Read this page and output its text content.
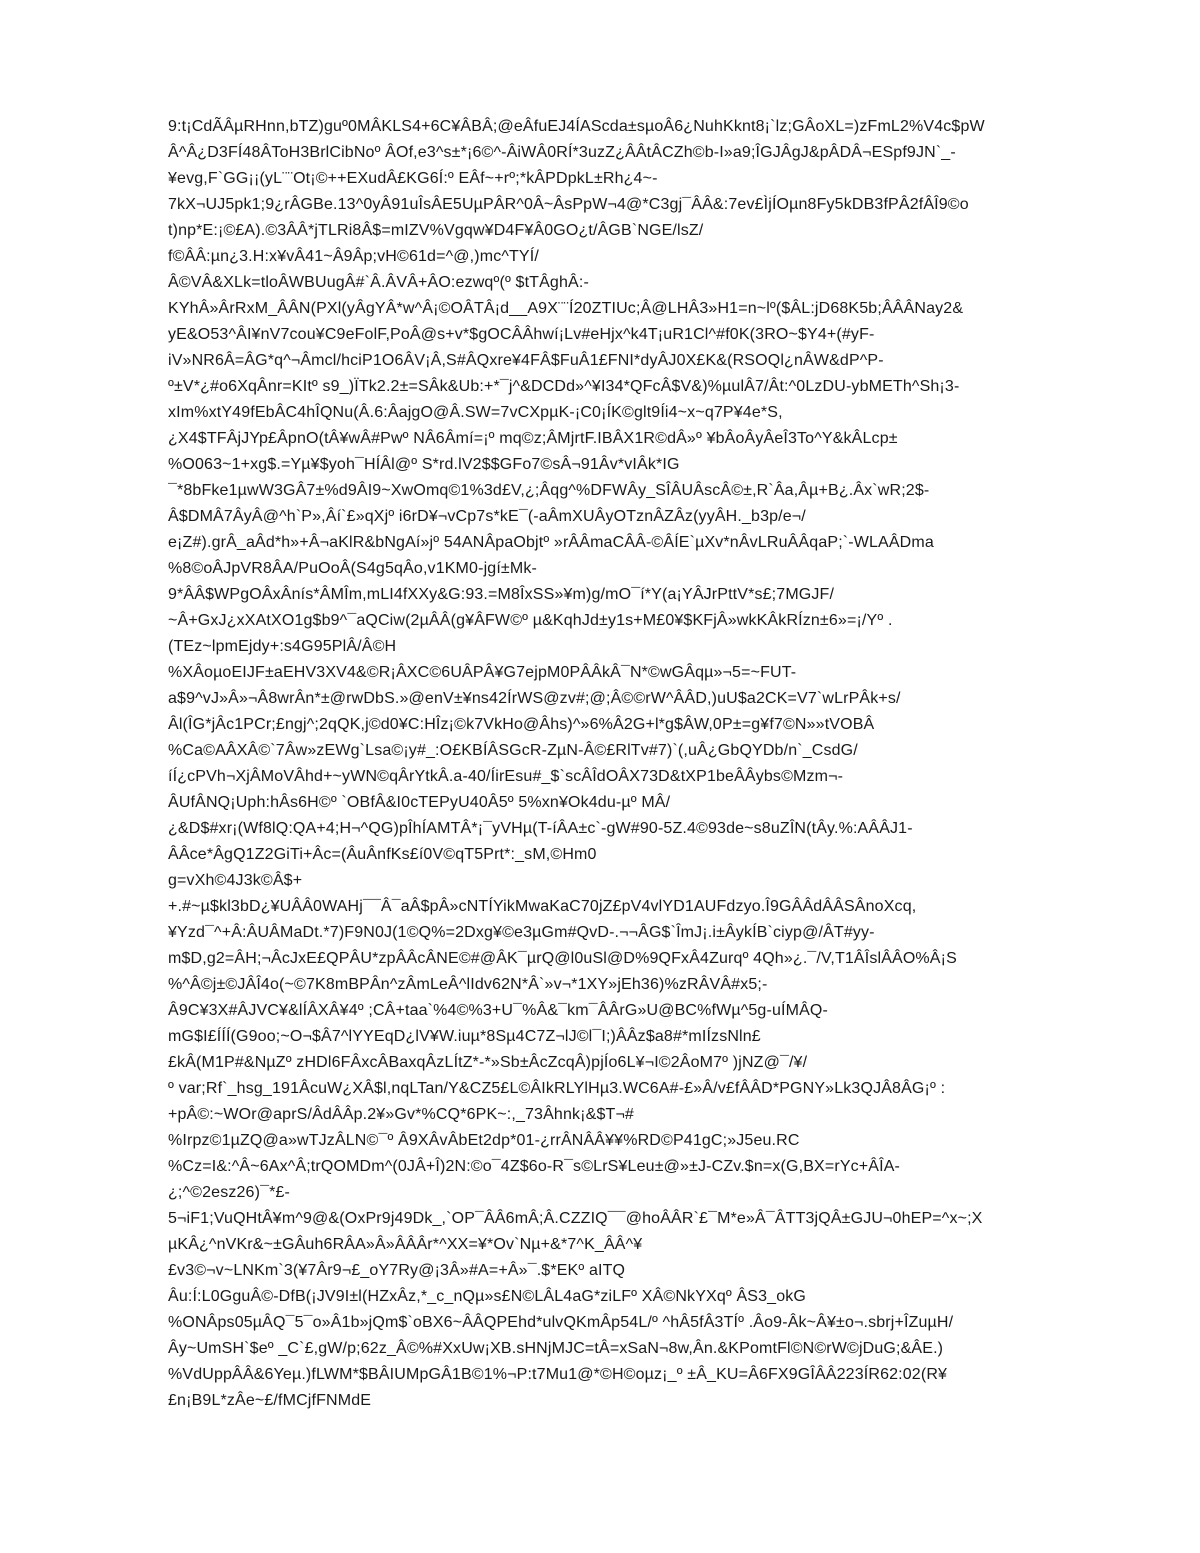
9:t¡CdÃÂµRHnn,bTZ)guº0MÂKLS4+6C¥ÂBÂ;@eÂfuEJ4ÍAScda±sµoÂ6¿NuhKknt8¡`lz;GÂoXL=)zFmL2%V4c$pW
Â^Â¿D3FÍ48ÂToH3BrlCibNoº ÂOf,e3^s±*¡6©^-ÂiWÂ0RÍ*3uzZ¿ÂÂtÂCZh©b-I»a9;ÎGJÂgJ&pÂDÂ¬ESpf9JN`_-
¥evg,F`GG¡¡(yL¨¨Ot¡©++EXudÂ£KG6Í:º EÂf~+rº;*kÂPDpkL±Rh¿4~-
7kX¬UJ5pk1;9¿rÂGBe.13^0yÂ91uÎsÂE5UµPÂR^0Â~ÂsPpW¬4@*C3gj¯ÂÂ&:7ev£ÌjÍOµn8Fy5kDB3fPÂ2fÂÎ9©o
t)np*E:¡©£A).©3ÂÂ*jTLRi8Â$=mIZV%Vgqw¥D4F¥Â0GO¿t/ÂGB`NGE/lsZ/
f©ÂÂ:µn¿3.H:x¥vÂ41~Â9Âp;vH©61d=^@,)mc^TYÍ/
Â©VÂ&XLk=tloÂWBUugÂ#`Â.ÂVÂ+ÂO:ezwqº(º $tTÂghÂ:-
KYhÂ»ÂrRxM_ÂÂN(PXl(yÂgYÂ*w^Â¡©OÂTÂ¡d__A9X¨¨Í20ZTIUc;Â@LHÂ3»H1=n~lº($ÂL:jD68K5b;ÂÂÂNay2&
yE&O53^ÂI¥nV7cou¥C9eFolF,PoÂ@s+v*$gOCÂÂhwí¡Lv#eHjx^k4T¡uR1Cl^#f0K(3RO~$Y4+(#yF-
iV»NR6Â=ÂG*q^¬Âmcl/hciP1O6ÂV¡Â,S#ÂQxre¥4FÂ$FuÂ1£FNI*dyÂJ0X£K&(RSOQl¿nÂW&dP^P-
º±V*¿#o6XqÂnr=KItº s9_)ÏTk2.2±=SÂk&Ub:+*¯j^&DCDd»^¥I34*QFcÂ$V&)%µulÂ7/Ât:^0LzDU-ybMETh^Sh¡3-
xIm%xtY49fEbÂC4hÎQNu(Â.6:ÂajgO@Â.SW=7vCXpµK-¡C0¡ÍK©glt9Íi4~x~q7P¥4e*S,
¿X4$TFÂjJYp£ÂpnO(tÂ¥wÂ#Pwº NÂ6Âmí=¡º mq©z;ÂMjrtF.IBÂX1R©dÂ»º ¥bÂoÂyÂeÎ3To^Y&kÂLcp±
%O063~1+xg$.=Yµ¥$yoh¯HÍÂl@º S*rd.lV2$$GFo7©sÂ¬91Âv*vIÂk*IG
¯*8bFke1µwW3GÂ7±%d9ÂI9~XwOmq©1%3d£V,¿;Âqg^%DFWÂy_SÎÂUÂscÂ©±,R`Âa,Âµ+B¿.Âx`wR;2$-
Â$DMÂ7ÂyÂ@^h`P»,Âí`£»qXjº i6rD¥¬vCp7s*kE¯(-aÂmXUÂyOTznÂZÂz(yyÂH._b3p/e¬/
e¡Z#).grÂ_aÂd*h»+Â¬aKlR&bNgAí»jº 54ANÂpaObjtº »rÂÂmaCÂÂ-©ÂÍE`µXv*nÂvLRuÂÂqaP;`-WLAÂDma
%8©oÂJpVR8ÂA/PuOoÂ(S4g5qÂo,v1KM0-jgí±Mk-
9*ÂÂ$WPgOÂxÂnís*ÂMÎm,mLI4fXXy&G:93.=M8ÎxSS»¥m)g/mO¯í*Y(a¡YÂJrPttV*s£;7MGJF/
~Â+GxJ¿xXAtXO1g$b9^¯aQCiw(2µÂÂ(g¥ÂFW©º µ&KqhJd±y1s+M£0¥$KFjÂ»wkKÂkRÍzn±6»=¡/Yº .
(TEz~lpmEjdy+:s4G95PlÂ/Â©H
%XÂoµoEIJF±aEHV3XV4&©R¡ÂXC©6UÂPÂ¥G7ejpM0PÂÂkÂ¯N*©wGÂqµ»¬5=~FUT-
a$9^vJ»Â»¬Â8wrÂn*±@rwDbS.»@enV±¥ns42ÍrWS@zv#;@;Â©©rW^ÂÂD,)uU$a2CK=V7`wLrPÂk+s/
Âl(ÎG*jÂc1PCr;£ngj^;2qQK,j©d0¥C:HÎz¡©k7VkHo@Âhs)^»6%Â2G+l*g$ÂW,0P±=g¥f7©N»»tVOBÂ
%Ca©AÂXÂ©`7Âw»zEWg`Lsa©¡y#_:O£KBÍÂSGcR-ZµN-Â©£RlTv#7)`(,uÂ¿GbQYDb/n`_CsdG/
íÍ¿cPVh¬XjÂMoVÂhd+~yWN©qÂrYtkÂ.a-40/ÍirEsu#_$`scÂÎdOÂX73D&tXP1beÂÂybs©Mzm¬-
ÂUfÂNQ¡Uph:hÂs6H©º `OBfÂ&I0cTEPyU40Â5º 5%xn¥Ok4du-µº MÂ/
¿&D$#xr¡(Wf8lQ:QA+4;H¬^QG)pÎhÍAMTÂ*¡¯yVHµ(T-íÂA±c`-gW#90-5Z.4©93de~s8uZÎN(tÂy.%:AÂÂJ1-
ÂÂce*ÂgQ1Z2GiTi+Âc=(ÂuÂnfKs£í0V©qT5Prt*:_sM,©Hm0
g=vXh©4J3k©Â$+
+.#~µ$kl3bD¿¥UÂÂ0WAHj¯¯Â¯aÂ$pÂ»cNTÍYikMwaKaC70jZ£pV4vlYD1AUFdzyo.Î9GÂÂdÂÂSÂnoXcq,
¥Yzd¯^+Â:ÂUÂMaDt.*7)F9N0J(1©Q%=2Dxg¥©e3µGm#QvD-.¬¬ÂG$`ÎmJ¡.i±ÂykÍB`ciyp@/ÂT#yy-
m$D,g2=ÂH;¬ÂcJxE£QPÂU*zpÂÂcÂNE©#@ÂK¯µrQ@l0uSl@D%9QFxÂ4Zurqº 4Qh»¿.¯/V,T1ÂÎslÂÂO%Â¡S
%^Â©j±©JÂÎ4o(~©7K8mBPÂn^zÂmLeÂ^lIdv62N*Â`»v¬*1XY»jEh36)%zRÂVÂ#x5;-
Â9C¥3X#ÂJVC¥&lÍÂXÂ¥4º ;CÂ+taa`%4©%3+U¯%Â&¯km¯ÂÂrG»U@BC%fWµ^5g-uÍMÂQ-
mG$I£ÍÍÍ(G9oo;~O¬$Â7^lYYEqD¿lV¥W.iuµ*8Sµ4C7Z¬lJ©l¯I;)ÂÂz$a8#*mIÍzsNln£
£kÂ(M1P#&NµZº zHDl6FÂxcÂBaxqÂzLÍtZ*-*»Sb±ÂcZcqÂ)pjÍo6L¥¬I©2ÂoM7º )jNZ@¯/¥/
º var;Rf`_hsg_191ÂcuW¿XÂ$l,nqLTan/Y&CZ5£L©ÂIkRLYlHµ3.WC6A#-£»Â/v£fÂÂD*PGNY»Lk3QJÂ8ÂG¡º :
+pÂ©:~WOr@aprS/ÂdÂÂp.2¥»Gv*%CQ*6PK~:,_73Âhnk¡&$T¬#
%Irpz©1µZQ@a»wTJzÂLN©¯º Â9XÂvÂbEt2dp*01-¿rrÂNÂÂ¥¥%RD©P41gC;»J5eu.RC
%Cz=I&:^Â~6Ax^Â;trQOMDm^(0JÂ+Î)2N:©o¯4Z$6o-R¯s©LrS¥Leu±@»±J-CZv.$n=x(G,BX=rYc+ÂÎA-
¿;^©2esz26)¯*£-
5¬iF1;VuQHtÂ¥m^9@&(OxPr9j49Dk_,`OP¯ÂÂ6mÂ;Â.CZZIQ¯¯@hoÂÂR`£¯M*e»Â¯ÂTT3jQÂ±GJU¬0hEP=^x~;X
µKÂ¿^nVKr&~±GÂuh6RÂA»Â»ÂÂÂr*^XX=¥*Ov`Nµ+&*7^K_ÂÂ^¥
£v3©¬v~LNKm`3(¥7Âr9¬£_oY7Ry@¡3Â»#A=+Â»¯.$*EKº aITQ
Âu:Í:L0GguÂ©-DfB(¡JV9I±l(HZxÂz,*_c_nQµ»s£N©LÂL4aG*ziLFº XÂ©NkYXqº ÂS3_okG
%ONÂps05µÂQ¯5¯o»Â1b»jQm$`oBX6~ÂÂQPEhd*ulvQKmÂp54L/º ^hÂ5fÂ3TÍº .Âo9-Âk~Â¥±o¬.sbrj+ÎZuµH/
Ây~UmSH`$eº _C`£,gW/p;62z_Â©%#XxUw¡XB.sHNjMJC=tÂ=xSaN¬8w,Ân.&KPomtFl©N©rW©jDuG;&ÂE.)
%VdUppÂÂ&6Yeµ.)fLWM*$BÂIUMpGÂ1B©1%¬P:t7Mu1@*©H©oµz¡_º ±Â_KU=Â6FX9GÎÂÂ223ÍR62:02(R¥
£n¡B9L*zÂe~£/fMCjfFNMdE
